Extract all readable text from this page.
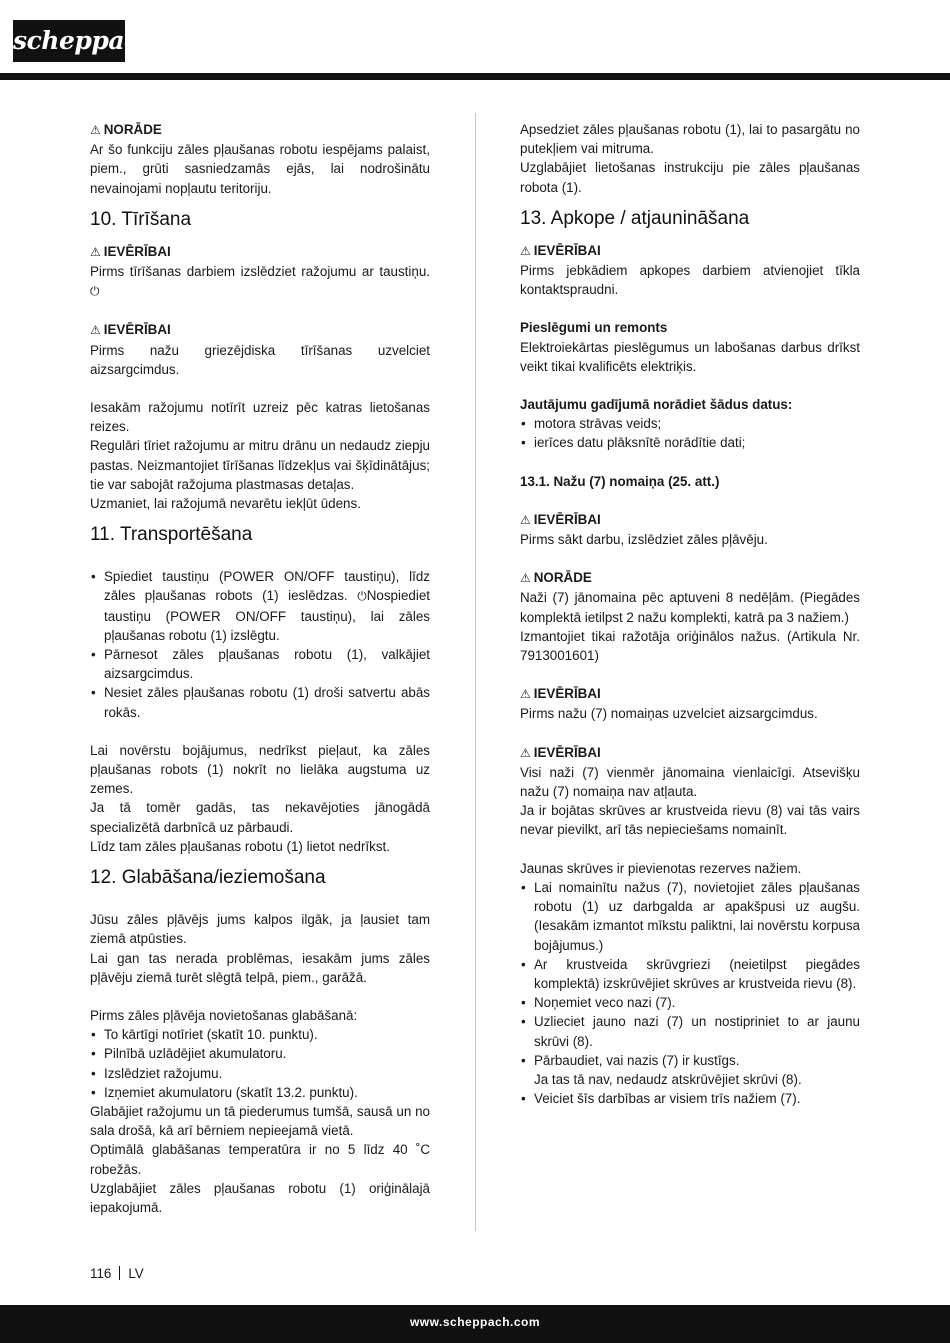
scheppach

⚠ NORĀDE

Ar šo funkciju zāles pļaušanas robotu iespējams palaist, piem., grūti sasniedzamās ejās, lai nodrošinātu nevainojami nopļautu teritoriju.

10. Tīrīšana

⚠ IEVĒRĪBAI

Pirms tīrīšanas darbiem izslēdziet ražojumu ar taustiņu. ⏻

⚠ IEVĒRĪBAI

Pirms nažu griezējdiska tīrīšanas uzvelciet aizsargcimdus.

Iesakām ražojumu notīrīt uzreiz pēc katras lietošanas reizes.

Regulāri tīriet ražojumu ar mitru drānu un nedaudz ziepju pastas. Neizmantojiet tīrīšanas līdzekļus vai šķīdinātājus; tie var sabojāt ražojuma plastmasas detaļas.

Uzmaniet, lai ražojumā nevarētu iekļūt ūdens.

11. Transportēšana
• Spiediet taustiņu (POWER ON/OFF taustiņu), līdz zāles pļaušanas robots (1) ieslēdzas. ⏻Nospiediet taustiņu (POWER ON/OFF taustiņu), lai zāles pļaušanas robotu (1) izslēgtu.
• Pārnesot zāles pļaušanas robotu (1), valkājiet aizsargcimdus.
• Nesiet zāles pļaušanas robotu (1) droši satvertu abās rokās.

Lai novērstu bojājumus, nedrīkst pieļaut, ka zāles pļaušanas robots (1) nokrīt no lielāka augstuma uz zemes.

Ja tā tomēr gadās, tas nekavējoties jānogādā specializētā darbnīcā uz pārbaudi.

Līdz tam zāles pļaušanas robotu (1) lietot nedrīkst.

12. Glabāšana/ieziemošana

Jūsu zāles pļāvējs jums kalpos ilgāk, ja ļausiet tam ziemā atpūsties.

Lai gan tas nerada problēmas, iesakām jums zāles pļāvēju ziemā turēt slēgtā telpā, piem., garāžā.

Pirms zāles pļāvēja novietošanas glabāšanā:

• To kārtīgi notīriet (skatīt 10. punktu).
• Pilnībā uzlādējiet akumulatoru.
• Izslēdziet ražojumu.
• Izņemiet akumulatoru (skatīt 13.2. punktu).

Glabājiet ražojumu un tā piederumus tumšā, sausā un no sala drošā, kā arī bērniem nepieejamā vietā.

Optimālā glabāšanas temperatūra ir no 5 līdz 40 ˚C robežās.

Uzglabājiet zāles pļaušanas robotu (1) oriģinālajā iepakojumā.

Apsedziet zāles pļaušanas robotu (1), lai to pasargātu no putekļiem vai mitruma.

Uzglabājiet lietošanas instrukciju pie zāles pļaušanas robota (1).

13. Apkope / atjaunināšana

⚠ IEVĒRĪBAI

Pirms jebkādiem apkopes darbiem atvienojiet tīkla kontaktspraudni.

Pieslēgumi un remonts

Elektroiekārtas pieslēgumus un labošanas darbus drīkst veikt tikai kvalificēts elektriķis.

Jautājumu gadījumā norādiet šādus datus:

• motora strāvas veids;
• ierīces datu plāksnītē norādītie dati;

13.1. Nažu (7) nomaiņa (25. att.)

⚠ IEVĒRĪBAI

Pirms sākt darbu, izslēdziet zāles pļāvēju.

⚠ NORĀDE

Naži (7) jānomaina pēc aptuveni 8 nedēļām. (Piegādes komplektā ietilpst 2 nažu komplekti, katrā pa 3 nažiem.)

Izmantojiet tikai ražotāja oriģinālos nažus. (Artikula Nr. 7913001601)

⚠ IEVĒRĪBAI

Pirms nažu (7) nomaiņas uzvelciet aizsargcimdus.

⚠ IEVĒRĪBAI

Visi naži (7) vienmēr jānomaina vienlaicīgi. Atsevišķu nažu (7) nomaiņa nav atļauta.

Ja ir bojātas skrūves ar krustveida rievu (8) vai tās vairs nevar pievilkt, arī tās nepieciešams nomainīt.

Jaunas skrūves ir pievienotas rezerves nažiem.

• Lai nomainītu nažus (7), novietojiet zāles pļaušanas robotu (1) uz darbgalda ar apakšpusi uz augšu. (Iesakām izmantot mīkstu paliktni, lai novērstu korpusa bojājumus.)
• Ar krustveida skrūvgriezi (neietilpst piegādes komplektā) izskrūvējiet skrūves ar krustveida rievu (8).
• Noņemiet veco nazi (7).
• Uzlieciet jauno nazi (7) un nostipriniet to ar jaunu skrūvi (8).
• Pārbaudiet, vai nazis (7) ir kustīgs.
Ja tas tā nav, nedaudz atskrūvējiet skrūvi (8).
• Veiciet šīs darbības ar visiem trīs nažiem (7).
116 LV
www.scheppach.com
